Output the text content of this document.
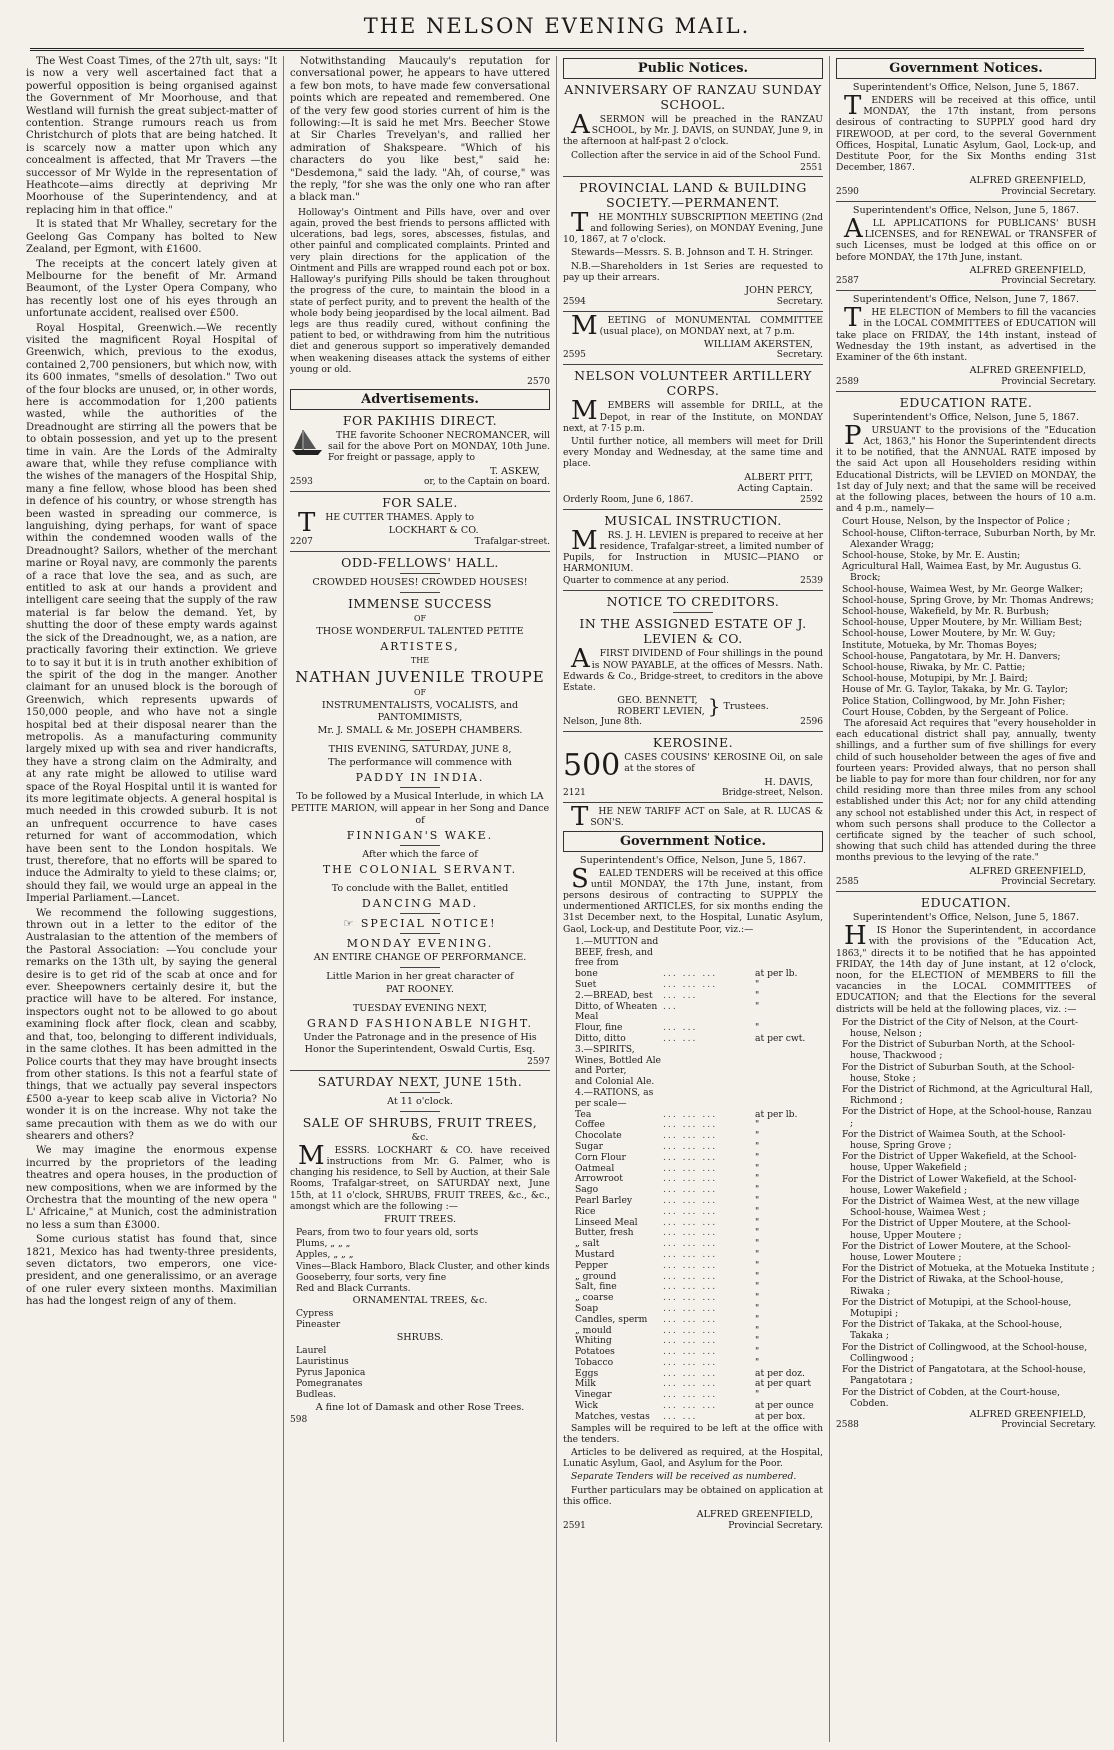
THE NELSON EVENING MAIL.

The West Coast Times, of the 27th ult, says: "It is now a very well ascertained fact that a powerful opposition is being organised against the Government of Mr Moorhouse, and that Westland will furnish the great subject-matter of contention. Strange rumours reach us from Christchurch of plots that are being hatched. It is scarcely now a matter upon which any concealment is affected, that Mr Travers —the successor of Mr Wylde in the representation of Heathcote—aims directly at depriving Mr Moorhouse of the Superintendency, and at replacing him in that office."

It is stated that Mr Whalley, secretary for the Geelong Gas Company has bolted to New Zealand, per Egmont, with £1600.

The receipts at the concert lately given at Melbourne for the benefit of Mr. Armand Beaumont, of the Lyster Opera Company, who has recently lost one of his eyes through an unfortunate accident, realised over £500.

Royal Hospital, Greenwich.—We recently visited the magnificent Royal Hospital of Greenwich, which, previous to the exodus, contained 2,700 pensioners, but which now, with its 600 inmates, "smells of desolation." Two out of the four blocks are unused, or, in other words, here is accommodation for 1,200 patients wasted, while the authorities of the Dreadnought are stirring all the powers that be to obtain possession, and yet up to the present time in vain. Are the Lords of the Admiralty aware that, while they refuse compliance with the wishes of the managers of the Hospital Ship, many a fine fellow, whose blood has been shed in defence of his country, or whose strength has been wasted in spreading our commerce, is languishing, dying perhaps, for want of space within the condemned wooden walls of the Dreadnought? Sailors, whether of the merchant marine or Royal navy, are commonly the parents of a race that love the sea, and as such, are entitled to ask at our hands a provident and intelligent care seeing that the supply of the raw material is far below the demand. Yet, by shutting the door of these empty wards against the sick of the Dreadnought, we, as a nation, are practically favoring their extinction. We grieve to to say it but it is in truth another exhibition of the spirit of the dog in the manger. Another claimant for an unused block is the borough of Greenwich, which represents upwards of 150,000 people, and who have not a single hospital bed at their disposal nearer than the metropolis. As a manufacturing community largely mixed up with sea and river handicrafts, they have a strong claim on the Admiralty, and at any rate might be allowed to utilise ward space of the Royal Hospital until it is wanted for its more legitimate objects. A general hospital is much needed in this crowded suburb. It is not an unfrequent occurrence to have cases returned for want of accommodation, which have been sent to the London hospitals. We trust, therefore, that no efforts will be spared to induce the Admiralty to yield to these claims; or, should they fail, we would urge an appeal in the Imperial Parliament.—Lancet.

We recommend the following suggestions, thrown out in a letter to the editor of the Australasian to the attention of the members of the Pastoral Association: —You conclude your remarks on the 13th ult, by saying the general desire is to get rid of the scab at once and for ever. Sheepowners certainly desire it, but the practice will have to be altered. For instance, inspectors ought not to be allowed to go about examining flock after flock, clean and scabby, and that, too, belonging to different individuals, in the same clothes. It has been admitted in the Police courts that they may have brought insects from other stations. Is this not a fearful state of things, that we actually pay several inspectors £500 a-year to keep scab alive in Victoria? No wonder it is on the increase. Why not take the same precaution with them as we do with our shearers and others?

We may imagine the enormous expense incurred by the proprietors of the leading theatres and opera houses, in the production of new compositions, when we are informed by the Orchestra that the mounting of the new opera " L' Africaine," at Munich, cost the administration no less a sum than £3000.

Some curious statist has found that, since 1821, Mexico has had twenty-three presidents, seven dictators, two emperors, one vice-president, and one generalissimo, or an average of one ruler every sixteen months. Maximilian has had the longest reign of any of them.

Notwithstanding Maucauly's reputation for conversational power, he appears to have uttered a few bon mots, to have made few conversational points which are repeated and remembered. One of the very few good stories current of him is the following:—It is said he met Mrs. Beecher Stowe at Sir Charles Trevelyan's, and rallied her admiration of Shakspeare. "Which of his characters do you like best," said he: "Desdemona," said the lady. "Ah, of course," was the reply, "for she was the only one who ran after a black man."

Holloway's Ointment and Pills have, over and over again, proved the best friends to persons afflicted with ulcerations, bad legs, sores, abscesses, fistulas, and other painful and complicated complaints. Printed and very plain directions for the application of the Ointment and Pills are wrapped round each pot or box. Halloway's purifying Pills should be taken throughout the progress of the cure, to maintain the blood in a state of perfect purity, and to prevent the health of the whole body being jeopardised by the local ailment. Bad legs are thus readily cured, without confining the patient to bed, or withdrawing from him the nutritious diet and generous support so imperatively demanded when weakening diseases attack the systems of either young or old.

2570
Advertisements.
FOR PAKIHIS DIRECT.
THE favorite Schooner NECROMANCER, will sail for the above Port on MONDAY, 10th June. For freight or passage, apply to
T. ASKEW,
2593	or, to the Captain on board.
FOR SALE.
THE CUTTER THAMES. Apply to
LOCKHART & CO.
2207	Trafalgar-street.
ODD-FELLOWS' HALL.
CROWDED HOUSES! CROWDED HOUSES!
IMMENSE SUCCESS
OF
THOSE WONDERFUL TALENTED PETITE
ARTISTES,
THE
NATHAN JUVENILE TROUPE
OF
INSTRUMENTALISTS, VOCALISTS, and PANTOMIMISTS,
Mr. J. SMALL & Mr. JOSEPH CHAMBERS.
THIS EVENING, SATURDAY, JUNE 8,
The performance will commence with
PADDY IN INDIA.
To be followed by a Musical Interlude, in which LA PETITE MARION, will appear in her Song and Dance of
FINNIGAN'S WAKE.
After which the farce of
THE COLONIAL SERVANT.
To conclude with the Ballet, entitled
DANCING MAD.
☞ SPECIAL NOTICE!
MONDAY EVENING.
AN ENTIRE CHANGE OF PERFORMANCE.
Little Marion in her great character of
PAT ROONEY.
TUESDAY EVENING NEXT,
GRAND FASHIONABLE NIGHT.
Under the Patronage and in the presence of His Honor the Superintendent, Oswald Curtis, Esq.
2597
SATURDAY NEXT, JUNE 15th.
At 11 o'clock.
SALE OF SHRUBS, FRUIT TREES,
&c.
MESSRS. LOCKHART & CO. have received instructions from Mr. G. Palmer, who is changing his residence, to Sell by Auction, at their Sale Rooms, Trafalgar-street, on SATURDAY next, June 15th, at 11 o'clock, SHRUBS, FRUIT TREES, &c., &c., amongst which are the following :—
FRUIT TREES.
Pears, from two to four years old, sorts
Plums, „ „ „
Apples, „ „ „
Vines—Black Hamboro, Black Cluster, and other kinds
Gooseberry, four sorts, very fine
Red and Black Currants.
ORNAMENTAL TREES, &c.
Cypress
Pineaster
SHRUBS.
Laurel
Lauristinus
Pyrus Japonica
Pomegranates
Budleas.
A fine lot of Damask and other Rose Trees.
598
Public Notices.
ANNIVERSARY OF RANZAU SUNDAY SCHOOL.
ASERMON will be preached in the RANZAU SCHOOL, by Mr. J. DAVIS, on SUNDAY, June 9, in the afternoon at half-past 2 o'clock.
Collection after the service in aid of the School Fund.
2551
PROVINCIAL LAND & BUILDING SOCIETY.—PERMANENT.
THE MONTHLY SUBSCRIPTION MEETING (2nd and following Series), on MONDAY Evening, June 10, 1867, at 7 o'clock.
Stewards—Messrs. S. B. Johnson and T. H. Stringer.
N.B.—Shareholders in 1st Series are requested to pay up their arrears.
JOHN PERCY,
2594	Secretary.
MEETING of MONUMENTAL COMMITTEE (usual place), on MONDAY next, at 7 p.m.
WILLIAM AKERSTEN,
2595	Secretary.
NELSON VOLUNTEER ARTILLERY CORPS.
MEMBERS will assemble for DRILL, at the Depot, in rear of the Institute, on MONDAY next, at 7·15 p.m.
Until further notice, all members will meet for Drill every Monday and Wednesday, at the same time and place.
ALBERT PITT,
Acting Captain.
Orderly Room, June 6, 1867.	2592
MUSICAL INSTRUCTION.
MRS. J. H. LEVIEN is prepared to receive at her residence, Trafalgar-street, a limited number of Pupils, for Instruction in MUSIC—PIANO or HARMONIUM.
Quarter to commence at any period.	2539
NOTICE TO CREDITORS.
IN THE ASSIGNED ESTATE OF J. LEVIEN & CO.
AFIRST DIVIDEND of Four shillings in the pound is NOW PAYABLE, at the offices of Messrs. Nath. Edwards & Co., Bridge-street, to creditors in the above Estate.
GEO. BENNETT,
ROBERT LEVIEN, } Trustees.
Nelson, June 8th.	2596
KEROSINE.
500 CASES COUSINS' KEROSINE Oil, on sale at the stores of
H. DAVIS,
2121	Bridge-street, Nelson.
THE NEW TARIFF ACT on Sale, at R. LUCAS & SON'S.
Government Notice.
Superintendent's Office, Nelson, June 5, 1867.
SEALED TENDERS will be received at this office until MONDAY, the 17th June, instant, from persons desirous of contracting to SUPPLY the undermentioned ARTICLES, for six months ending the 31st December next, to the Hospital, Lunatic Asylum, Gaol, Lock-up, and Destitute Poor, viz.:—
1.—MUTTON and BEEF, fresh, and free from
bone	... ... ...	at per lb.
Suet	... ... ...	"
2.—BREAD, best	... ...	"
Ditto, of Wheaten Meal
...	"
Flour, fine	... ...	"
Ditto, ditto	... ...	at per cwt.
3.—SPIRITS, Wines, Bottled Ale and Porter,
and Colonial Ale.
4.—RATIONS, as per scale—
Tea	... ... ...	at per lb.
Coffee	... ... ...	"
Chocolate	... ... ...	"
Sugar	... ... ...	"
Corn Flour	... ... ...	"
Oatmeal	... ... ...	"
Arrowroot	... ... ...	"
Sago	... ... ...	"
Pearl Barley	... ... ...	"
Rice	... ... ...	"
Linseed Meal	... ... ...	"
Butter, fresh	... ... ...	"
„ salt	... ... ...	"
Mustard	... ... ...	"
Pepper	... ... ...	"
„ ground	... ... ...	"
Salt, fine	... ... ...	"
„ coarse	... ... ...	"
Soap	... ... ...	"
Candles, sperm	... ... ...	"
„ mould	... ... ...	"
Whiting	... ... ...	"
Potatoes	... ... ...	"
Tobacco	... ... ...	"
Eggs	... ... ...	at per doz.
Milk	... ... ...	at per quart
Vinegar	... ... ...	"
Wick	... ... ...	at per ounce
Matches, vestas	... ...	at per box.
Samples will be required to be left at the office with the tenders.
Articles to be delivered as required, at the Hospital, Lunatic Asylum, Gaol, and Asylum for the Poor.
Separate Tenders will be received as numbered.
Further particulars may be obtained on application at this office.
ALFRED GREENFIELD,
2591	Provincial Secretary.
Government Notices.
Superintendent's Office, Nelson, June 5, 1867.
TENDERS will be received at this office, until MONDAY, the 17th instant, from persons desirous of contracting to SUPPLY good hard dry FIREWOOD, at per cord, to the several Government Offices, Hospital, Lunatic Asylum, Gaol, Lock-up, and Destitute Poor, for the Six Months ending 31st December, 1867.
ALFRED GREENFIELD,
2590	Provincial Secretary.
Superintendent's Office, Nelson, June 5, 1867.
ALL APPLICATIONS for PUBLICANS' BUSH LICENSES, and for RENEWAL or TRANSFER of such Licenses, must be lodged at this office on or before MONDAY, the 17th June, instant.
ALFRED GREENFIELD,
2587	Provincial Secretary.
Superintendent's Office, Nelson, June 7, 1867.
THE ELECTION of Members to fill the vacancies in the LOCAL COMMITTEES of EDUCATION will take place on FRIDAY, the 14th instant, instead of Wednesday the 19th instant, as advertised in the Examiner of the 6th instant.
ALFRED GREENFIELD,
2589	Provincial Secretary.
EDUCATION RATE.
Superintendent's Office, Nelson, June 5, 1867.
PURSUANT to the provisions of the "Education Act, 1863," his Honor the Superintendent directs it to be notified, that the ANNUAL RATE imposed by the said Act upon all Householders residing within Educational Districts, will be LEVIED on MONDAY, the 1st day of July next; and that the same will be received at the following places, between the hours of 10 a.m. and 4 p.m., namely—
Court House, Nelson, by the Inspector of Police ;
School-house, Clifton-terrace, Suburban North, by Mr. Alexander Wragg;
School-house, Stoke, by Mr. E. Austin;
Agricultural Hall, Waimea East, by Mr. Augustus G. Brock;
School-house, Waimea West, by Mr. George Walker;
School-house, Spring Grove, by Mr. Thomas Andrews;
School-house, Wakefield, by Mr. R. Burbush;
School-house, Upper Moutere, by Mr. William Best;
School-house, Lower Moutere, by Mr. W. Guy;
Institute, Motueka, by Mr. Thomas Boyes;
School-house, Pangatotara, by Mr. H. Danvers;
School-house, Riwaka, by Mr. C. Pattie;
School-house, Motupipi, by Mr. J. Baird;
House of Mr. G. Taylor, Takaka, by Mr. G. Taylor;
Police Station, Collingwood, by Mr. John Fisher;
Court House, Cobden, by the Sergeant of Police.
The aforesaid Act requires that "every householder in each educational district shall pay, annually, twenty shillings, and a further sum of five shillings for every child of such householder between the ages of five and fourteen years: Provided always, that no person shall be liable to pay for more than four children, nor for any child residing more than three miles from any school established under this Act; nor for any child attending any school not established under this Act, in respect of whom such persons shall produce to the Collector a certificate signed by the teacher of such school, showing that such child has attended during the three months previous to the levying of the rate."
ALFRED GREENFIELD,
2585	Provincial Secretary.
EDUCATION.
Superintendent's Office, Nelson, June 5, 1867.
HIS Honor the Superintendent, in accordance with the provisions of the "Education Act, 1863," directs it to be notified that he has appointed FRIDAY, the 14th day of June instant, at 12 o'clock, noon, for the ELECTION of MEMBERS to fill the vacancies in the LOCAL COMMITTEES of EDUCATION; and that the Elections for the several districts will be held at the following places, viz. :—
For the District of the City of Nelson, at the Court-house, Nelson ;
For the District of Suburban North, at the School-house, Thackwood ;
For the District of Suburban South, at the School-house, Stoke ;
For the District of Richmond, at the Agricultural Hall, Richmond ;
For the District of Hope, at the School-house, Ranzau ;
For the District of Waimea South, at the School-house, Spring Grove ;
For the District of Upper Wakefield, at the School-house, Upper Wakefield ;
For the District of Lower Wakefield, at the School-house, Lower Wakefield ;
For the District of Waimea West, at the new village School-house, Waimea West ;
For the District of Upper Moutere, at the School-house, Upper Moutere ;
For the District of Lower Moutere, at the School-house, Lower Moutere ;
For the District of Motueka, at the Motueka Institute ;
For the District of Riwaka, at the School-house, Riwaka ;
For the District of Motupipi, at the School-house, Motupipi ;
For the District of Takaka, at the School-house, Takaka ;
For the District of Collingwood, at the School-house, Collingwood ;
For the District of Pangatotara, at the School-house, Pangatotara ;
For the District of Cobden, at the Court-house, Cobden.
ALFRED GREENFIELD,
2588	Provincial Secretary.
